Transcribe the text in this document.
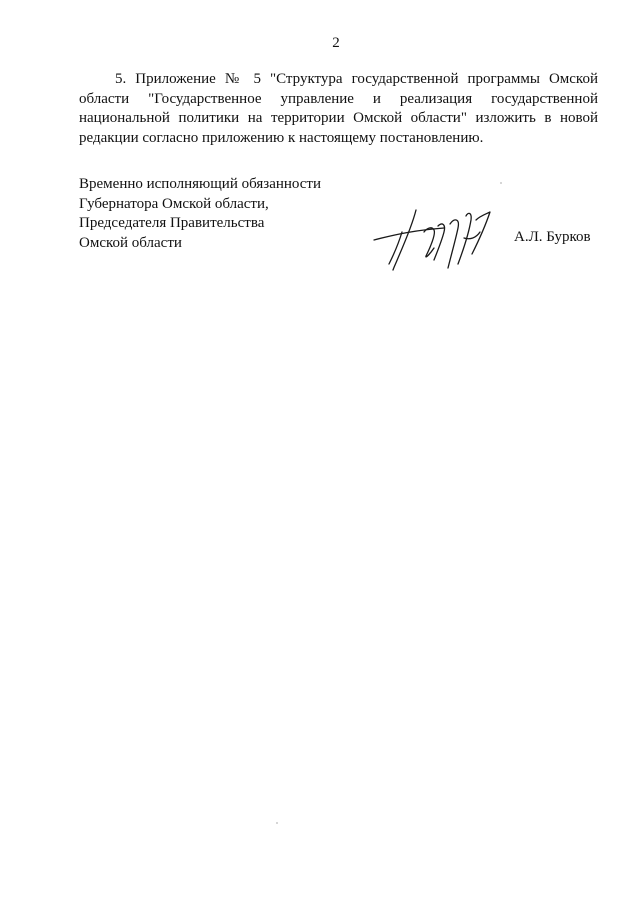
2

5. Приложение № 5 "Структура государственной программы Омской области "Государственное управление и реализация государственной национальной политики на территории Омской области" изложить в новой редакции согласно приложению к настоящему постановлению.

Временно исполняющий обязанности
Губернатора Омской области,
Председателя Правительства
Омской области	А.Л. Бурков
